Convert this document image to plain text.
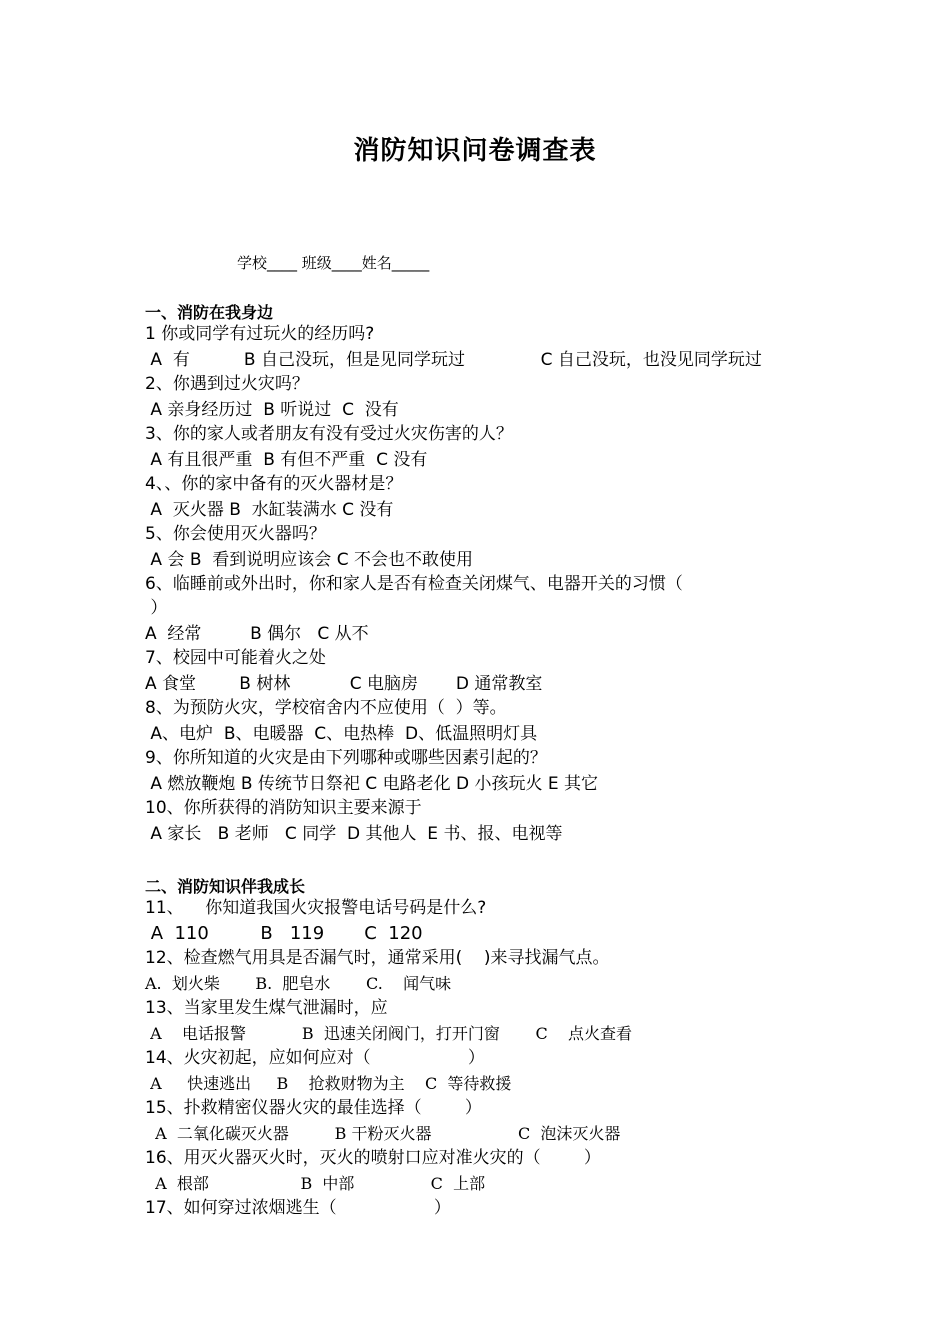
消防知识问卷调查表
学校____ 班级____姓名_____
一、消防在我身边
1 你或同学有过玩火的经历吗?
A  有          B 自己没玩，但是见同学玩过              C 自己没玩，也没见同学玩过
2、你遇到过火灾吗？
A 亲身经历过  B 听说过  C  没有
3、你的家人或者朋友有没有受过火灾伤害的人？
A 有且很严重  B 有但不严重  C 没有
4、、你的家中备有的灭火器材是？
A  灭火器 B  水缸装满水 C 没有
5、你会使用灭火器吗？
A 会 B  看到说明应该会 C 不会也不敢使用
6、临睡前或外出时，你和家人是否有检查关闭煤气、电器开关的习惯（
）
A  经常         B 偶尔   C 从不
7、校园中可能着火之处
A 食堂        B 树林           C 电脑房       D 通常教室
8、为预防火灾，学校宿舍内不应使用（  ）等。
A、电炉  B、电暖器  C、电热棒  D、低温照明灯具
9、你所知道的火灾是由下列哪种或哪些因素引起的？
A 燃放鞭炮 B 传统节日祭祀 C 电路老化 D 小孩玩火 E 其它
10、你所获得的消防知识主要来源于
A 家长   B 老师   C 同学  D 其他人  E 书、报、电视等
二、消防知识伴我成长
11、    你知道我国火灾报警电话号码是什么?
A  110         B   119       C  120
12、检查燃气用具是否漏气时，通常采用(    )来寻找漏气点。
A.  划火柴       B.  肥皂水       C.    闻气味
13、当家里发生煤气泄漏时，应
A    电话报警           B  迅速关闭阀门，打开门窗       C    点火查看
14、火灾初起，应如何应对（                  ）
A     快速逃出     B    抢救财物为主    C  等待救援
15、扑救精密仪器火灾的最佳选择（        ）
A  二氧化碳灭火器         B 干粉灭火器                 C  泡沫灭火器
16、用灭火器灭火时，灭火的喷射口应对准火灾的（        ）
A  根部                  B  中部               C  上部
17、如何穿过浓烟逃生（                  ）
